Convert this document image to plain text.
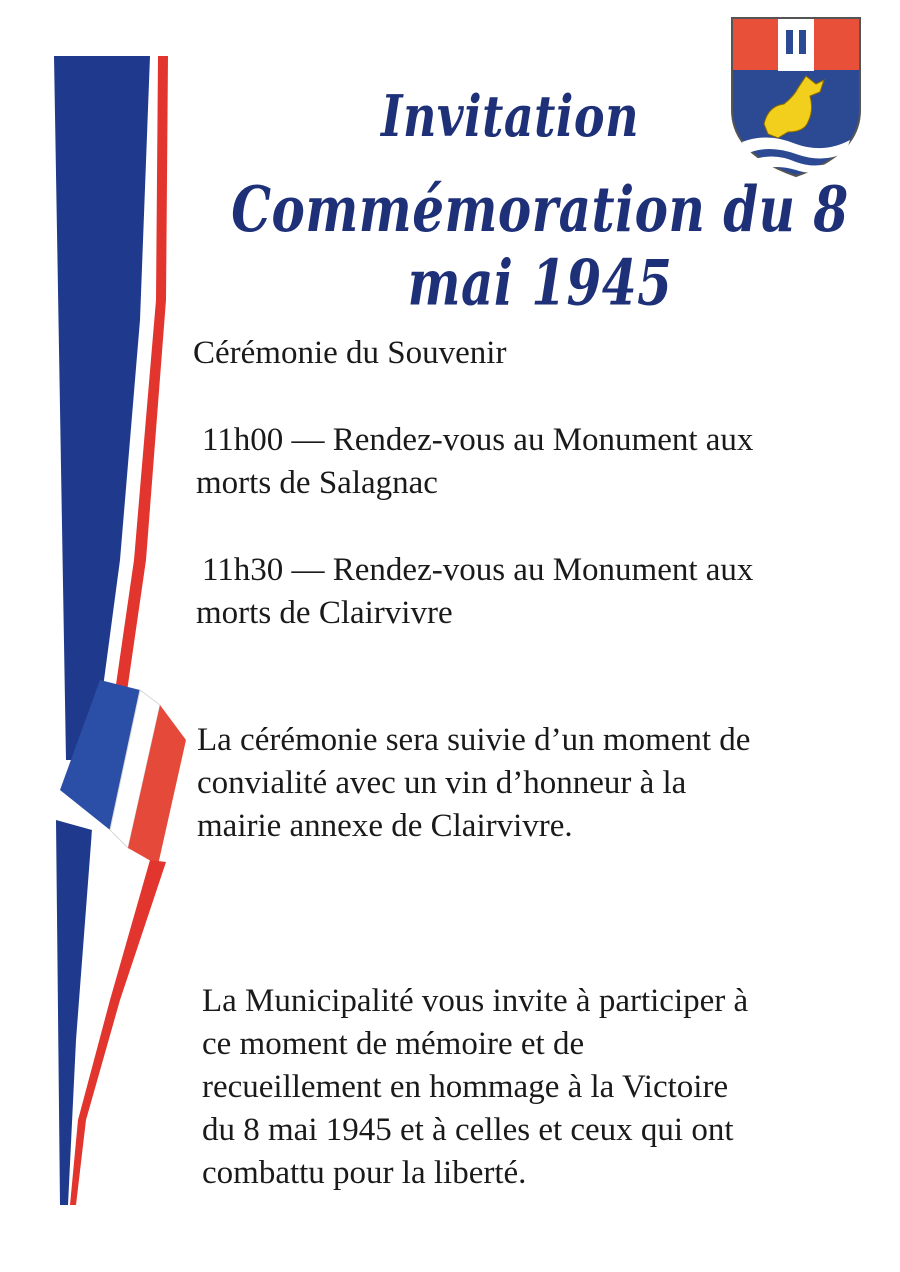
Invitation
Commémoration du 8 mai 1945
Cérémonie du Souvenir
11h00 — Rendez-vous au Monument aux
morts de Salagnac
11h30 — Rendez-vous au Monument aux
morts de Clairvivre
La cérémonie sera suivie d’un moment de
convialité avec un vin d’honneur à la
mairie annexe de Clairvivre.
La Municipalité vous invite à participer à
ce moment de mémoire et de
recueillement en hommage à la Victoire
du 8 mai 1945 et à celles et ceux qui ont
combattu pour la liberté.
